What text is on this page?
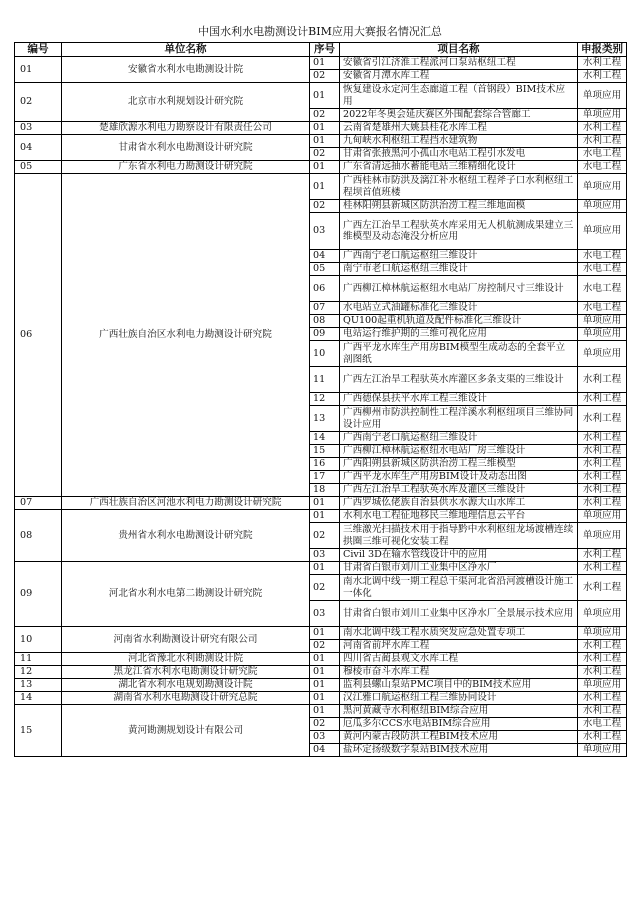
中国水利水电勘测设计BIM应用大赛报名情况汇总
编号	单位名称	序号	项目名称	申报类别
01	安徽省水利水电勘测设计院	01	安徽省引江济淮工程派河口泵站枢纽工程	水利工程
		02	安徽省月潭水库工程	水利工程
02	北京市水利规划设计研究院	01	恢复建设永定河生态廊道工程（首钢段）BIM技术应用	单项应用
		02	2022年冬奥会延庆赛区外围配套综合管廊工	单项应用
03	楚雄欣源水利电力勘察设计有限责任公司	01	云南省楚雄州大姚县桂花水库工程	水利工程
04	甘肃省水利水电勘测设计研究院	01	九甸峡水利枢纽工程挡水建筑物	水利工程
		02	甘肃省张掖黑河小孤山水电站工程引水发电	水电工程
05	广东省水利电力勘测设计研究院	01	广东省清远抽水蓄能电站三维精细化设计	水电工程
06	广西壮族自治区水利电力勘测设计研究院	01	广西桂林市防洪及漓江补水枢纽工程斧子口水利枢纽工程坝首值班楼	单项应用
		02	桂林阳朔县新城区防洪治涝工程三维地面模	单项应用
		03	广西左江治旱工程驮英水库采用无人机航测成果建立三维模型及动态淹没分析应用	单项应用
		04	广西南宁老口航运枢纽三维设计	水电工程
		05	南宁市老口航运枢纽三维设计	水电工程
		06	广西柳江樟林航运枢纽水电站厂房控制尺寸三维设计	水电工程
		07	水电站立式油罐标准化三维设计	水电工程
		08	QU100起重机轨道及配件标准化三维设计	单项应用
		09	电站运行维护期的三维可视化应用	单项应用
		10	广西平龙水库生产用房BIM模型生成动态的全套平立剖图纸	单项应用
		11	广西左江治旱工程驮英水库灌区多条支渠的三维设计	水利工程
		12	广西德保县扶平水库工程三维设计	水利工程
		13	广西柳州市防洪控制性工程洋溪水利枢纽项目三维协同设计应用	水利工程
		14	广西南宁老口航运枢纽三维设计	水利工程
		15	广西柳江樟林航运枢纽水电站厂房三维设计	水利工程
		16	广西阳朔县新城区防洪治涝工程三维模型	水利工程
		17	广西平龙水库生产用房BIM设计及动态出图	水利工程
		18	广西左江治旱工程驮英水库及灌区三维设计	水利工程
07	广西壮族自治区河池水利电力勘测设计研究院	01	广西罗城仫佬族自治县供水水源大山水库工	水利工程
08	贵州省水利水电勘测设计研究院	01	水利水电工程征地移民三维地理信息云平台	单项应用
		02	三维激光扫描技术用于指导黔中水利枢纽龙场渡槽连续拱圈三维可视化安装工程	单项应用
		03	Civil 3D在输水管线设计中的应用	水利工程
09	河北省水利水电第二勘测设计研究院	01	甘肃省白银市刘川工业集中区净水厂	水利工程
		02	南水北调中线一期工程总干渠河北省沿河渡槽设计施工一体化	水利工程
		03	甘肃省白银市刘川工业集中区净水厂全景展示技术应用	单项应用
10	河南省水利勘测设计研究有限公司	01	南水北调中线工程水质突发应急处置专项工	单项应用
		02	河南省前坪水库工程	水利工程
11	河北省豫北水利勘测设计院	01	四川省古蔺县观文水库工程	水利工程
12	黑龙江省水利水电勘测设计研究院	01	穆棱市奋斗水库工程	水利工程
13	湖北省水利水电规划勘测设计院	01	监利县螺山泵站PMC项目中的BIM技术应用	单项应用
14	湖南省水利水电勘测设计研究总院	01	汉江雅口航运枢纽工程三维协同设计	水利工程
15	黄河勘测规划设计有限公司	01	黑河黄藏寺水利枢纽BIM综合应用	水利工程
		02	厄瓜多尔CCS水电站BIM综合应用	水电工程
		03	黄河内蒙古段防洪工程BIM技术应用	水利工程
		04	盐环定扬级数字泵站BIM技术应用	单项应用
